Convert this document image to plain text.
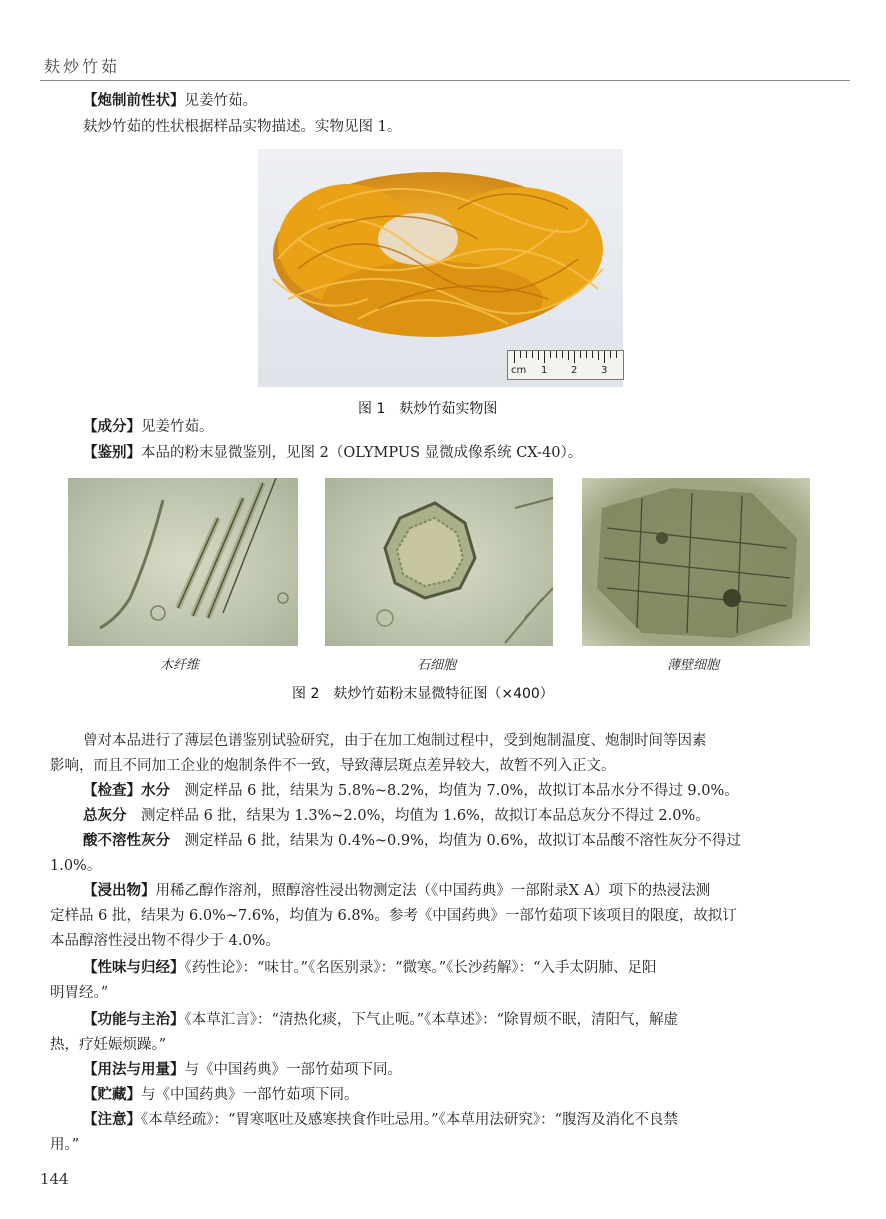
麸炒竹茹
【炮制前性状】见姜竹茹。
麸炒竹茹的性状根据样品实物描述。实物见图 1。
cm 1 2 3
图 1　麸炒竹茹实物图
【成分】见姜竹茹。
【鉴别】本品的粉末显微鉴别，见图 2（OLYMPUS 显微成像系统 CX-40）。
木纤维	石细胞	薄壁细胞
图 2　麸炒竹茹粉末显微特征图（×400）
曾对本品进行了薄层色谱鉴别试验研究，由于在加工炮制过程中，受到炮制温度、炮制时间等因素
影响，而且不同加工企业的炮制条件不一致，导致薄层斑点差异较大，故暂不列入正文。
【检查】水分　 测定样品 6 批，结果为 5.8%~8.2%，均值为 7.0%，故拟订本品水分不得过 9.0%。
总灰分　 测定样品 6 批，结果为 1.3%~2.0%，均值为 1.6%，故拟订本品总灰分不得过 2.0%。
酸不溶性灰分　 测定样品 6 批，结果为 0.4%~0.9%，均值为 0.6%，故拟订本品酸不溶性灰分不得过
1.0%。
【浸出物】用稀乙醇作溶剂，照醇溶性浸出物测定法（《中国药典》一部附录Ⅹ A）项下的热浸法测
定样品 6 批，结果为 6.0%~7.6%，均值为 6.8%。参考《中国药典》一部竹茹项下该项目的限度，故拟订
本品醇溶性浸出物不得少于 4.0%。
【性味与归经】《药性论》：“味甘。”《名医别录》：“微寒。”《长沙药解》：“入手太阴肺、足阳
明胃经。”
【功能与主治】《本草汇言》：“清热化痰，下气止呃。”《本草述》：“除胃烦不眠，清阳气，解虚
热，疗妊娠烦躁。”
【用法与用量】与《中国药典》一部竹茹项下同。
【贮藏】与《中国药典》一部竹茹项下同。
【注意】《本草经疏》：“胃寒呕吐及感寒挟食作吐忌用。”《本草用法研究》：“腹泻及消化不良禁
用。”
144
